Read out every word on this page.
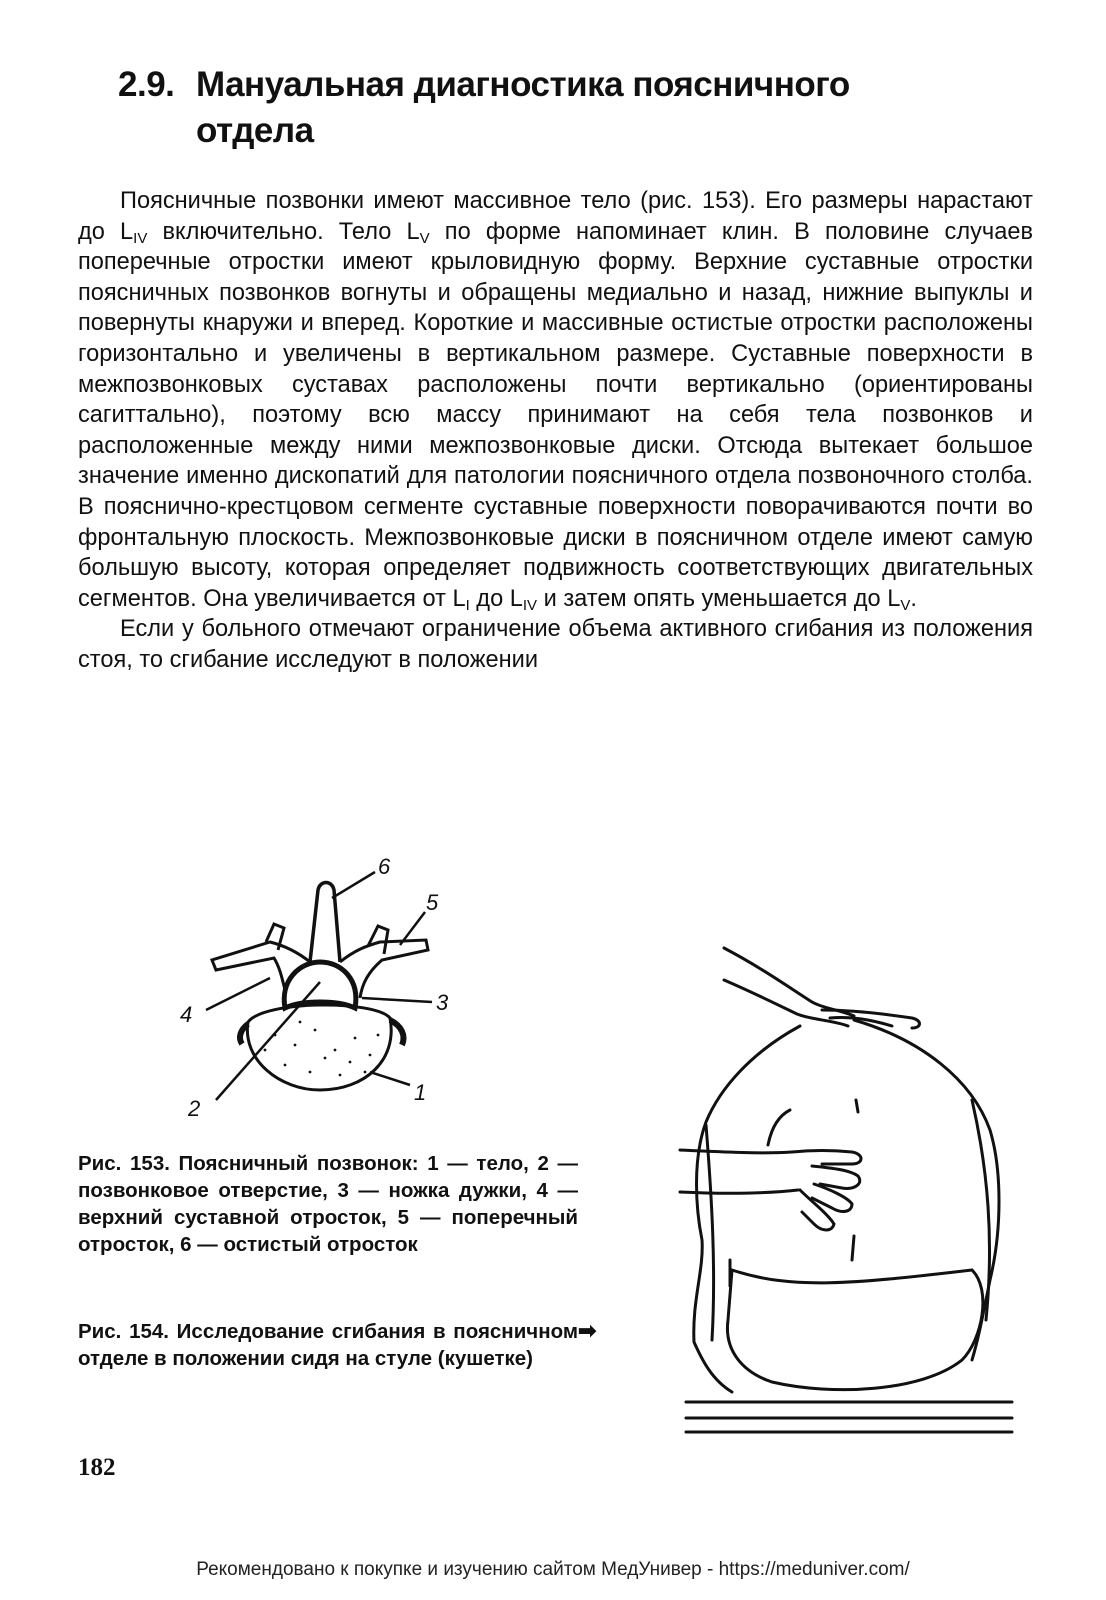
2.9. Мануальная диагностика поясничного
отдела

Поясничные позвонки имеют массивное тело (рис. 153). Его размеры нарастают до $L_{IV}$ включительно. Тело $L_V$ по форме напоминает клин. В половине случаев поперечные отростки имеют крыловидную форму. Верхние суставные отростки поясничных позвонков вогнуты и обращены медиально и назад, нижние выпуклы и повернуты кнаружи и вперед. Короткие и массивные остистые отростки расположены горизонтально и увеличены в вертикальном размере. Суставные поверхности в межпозвонковых суставах расположены почти вертикально (ориентированы сагиттально), поэтому всю массу принимают на себя тела позвонков и расположенные между ними межпозвонковые диски. Отсюда вытекает большое значение именно дископатий для патологии поясничного отдела позвоночного столба. В пояснично-крестцовом сегменте суставные поверхности поворачиваются почти во фронтальную плоскость. Межпозвонковые диски в поясничном отделе имеют самую большую высоту, которая определяет подвижность соответствующих двигательных сегментов. Она увеличивается от $L_I$ до $L_{IV}$ и затем опять уменьшается до $L_V$.

Если у больного отмечают ограничение объема активного сгибания из положения стоя, то сгибание исследуют в положении

6
5
4	3
2
1
Рис. 153. Поясничный позвонок: 1 — тело, 2 — позвонковое отверстие, 3 — ножка дужки, 4 — верхний суставной отросток, 5 — поперечный отросток, 6 — остистый отросток
Рис. 154. Исследование сгибания в поясничном отделе в положении сидя на стуле (кушетке)
➡
182
Рекомендовано к покупке и изучению сайтом МедУнивер - https://meduniver.com/
